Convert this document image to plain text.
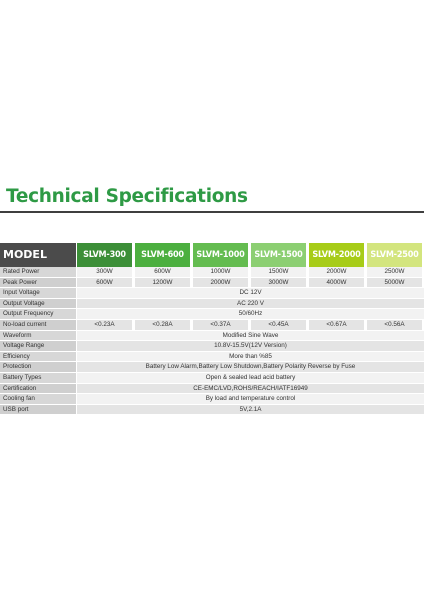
Technical Specifications
MODEL	SLVM-300	SLVM-600	SLVM-1000	SLVM-1500	SLVM-2000	SLVM-2500
Rated Power	300W	600W	1000W	1500W	2000W	2500W
Peak Power	600W	1200W	2000W	3000W	4000W	5000W
Input Voltage	DC 12V
Output Voltage	AC 220 V
Output Frequency	50/60Hz
No-load current	<0.23A	<0.28A	<0.37A	<0.45A	<0.67A	<0.56A
Waveform	Modified Sine Wave
Voltage Range	10.8V-15.5V(12V Version)
Efficiency	More than %85
Protection	Battery Low Alarm,Battery Low Shutdown,Battery Polarity Reverse by Fuse
Battery Types	Open & sealed lead acid battery
Certification	CE-EMC/LVD,ROHS/REACH/IATF16949
Cooling fan	By load and temperature control
USB port	5V,2.1A
